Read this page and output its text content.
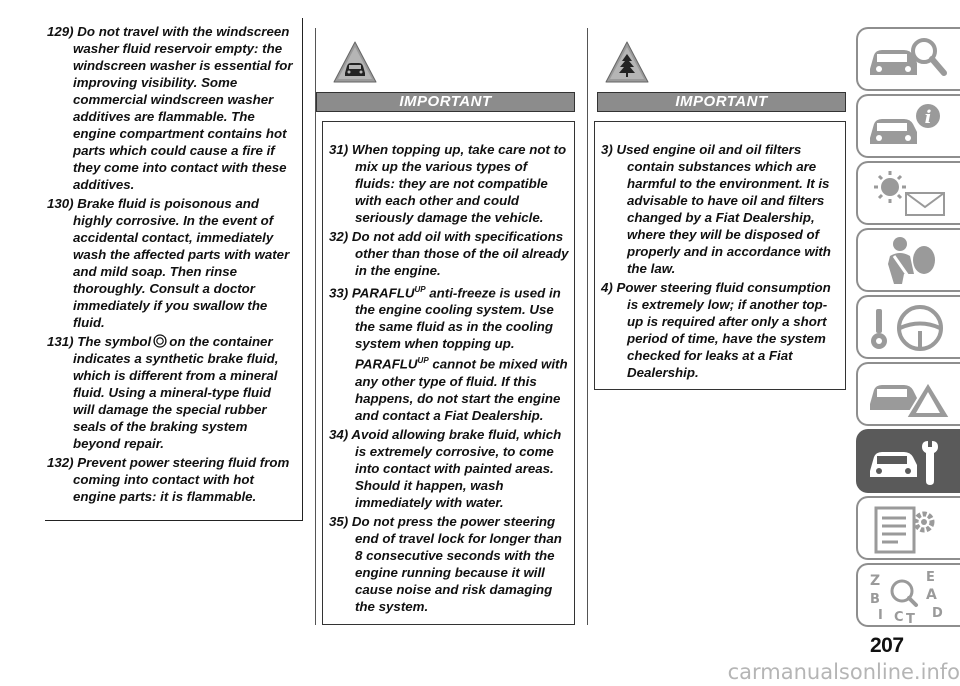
129) Do not travel with the windscreen washer fluid reservoir empty: the windscreen washer is essential for improving visibility. Some commercial windscreen washer additives are flammable. The engine compartment contains hot parts which could cause a fire if they come into contact with these additives.

130) Brake fluid is poisonous and highly corrosive. In the event of accidental contact, immediately wash the affected parts with water and mild soap. Then rinse thoroughly. Consult a doctor immediately if you swallow the fluid.

131) The symbol on the container indicates a synthetic brake fluid, which is different from a mineral fluid. Using a mineral-type fluid will damage the special rubber seals of the braking system beyond repair.

132) Prevent power steering fluid from coming into contact with hot engine parts: it is flammable.

IMPORTANT

31) When topping up, take care not to mix up the various types of fluids: they are not compatible with each other and could seriously damage the vehicle.

32) Do not add oil with specifications other than those of the oil already in the engine.

33) $PARAFLU^{UP}$ anti-freeze is used in the engine cooling system. Use the same fluid as in the cooling system when topping up. $PARAFLU^{UP}$ cannot be mixed with any other type of fluid. If this happens, do not start the engine and contact a Fiat Dealership.

34) Avoid allowing brake fluid, which is extremely corrosive, to come into contact with painted areas. Should it happen, wash immediately with water.

35) Do not press the power steering end of travel lock for longer than 8 consecutive seconds with the engine running because it will cause noise and risk damaging the system.

IMPORTANT

3) Used engine oil and oil filters contain substances which are harmful to the environment. It is advisable to have oil and filters changed by a Fiat Dealership, where they will be disposed of properly and in accordance with the law.

4) Power steering fluid consumption is extremely low; if another top-up is required after only a short period of time, have the system checked for leaks at a Fiat Dealership.

i
Z	E
A
B
I C T D
207
carmanualsonline.info
